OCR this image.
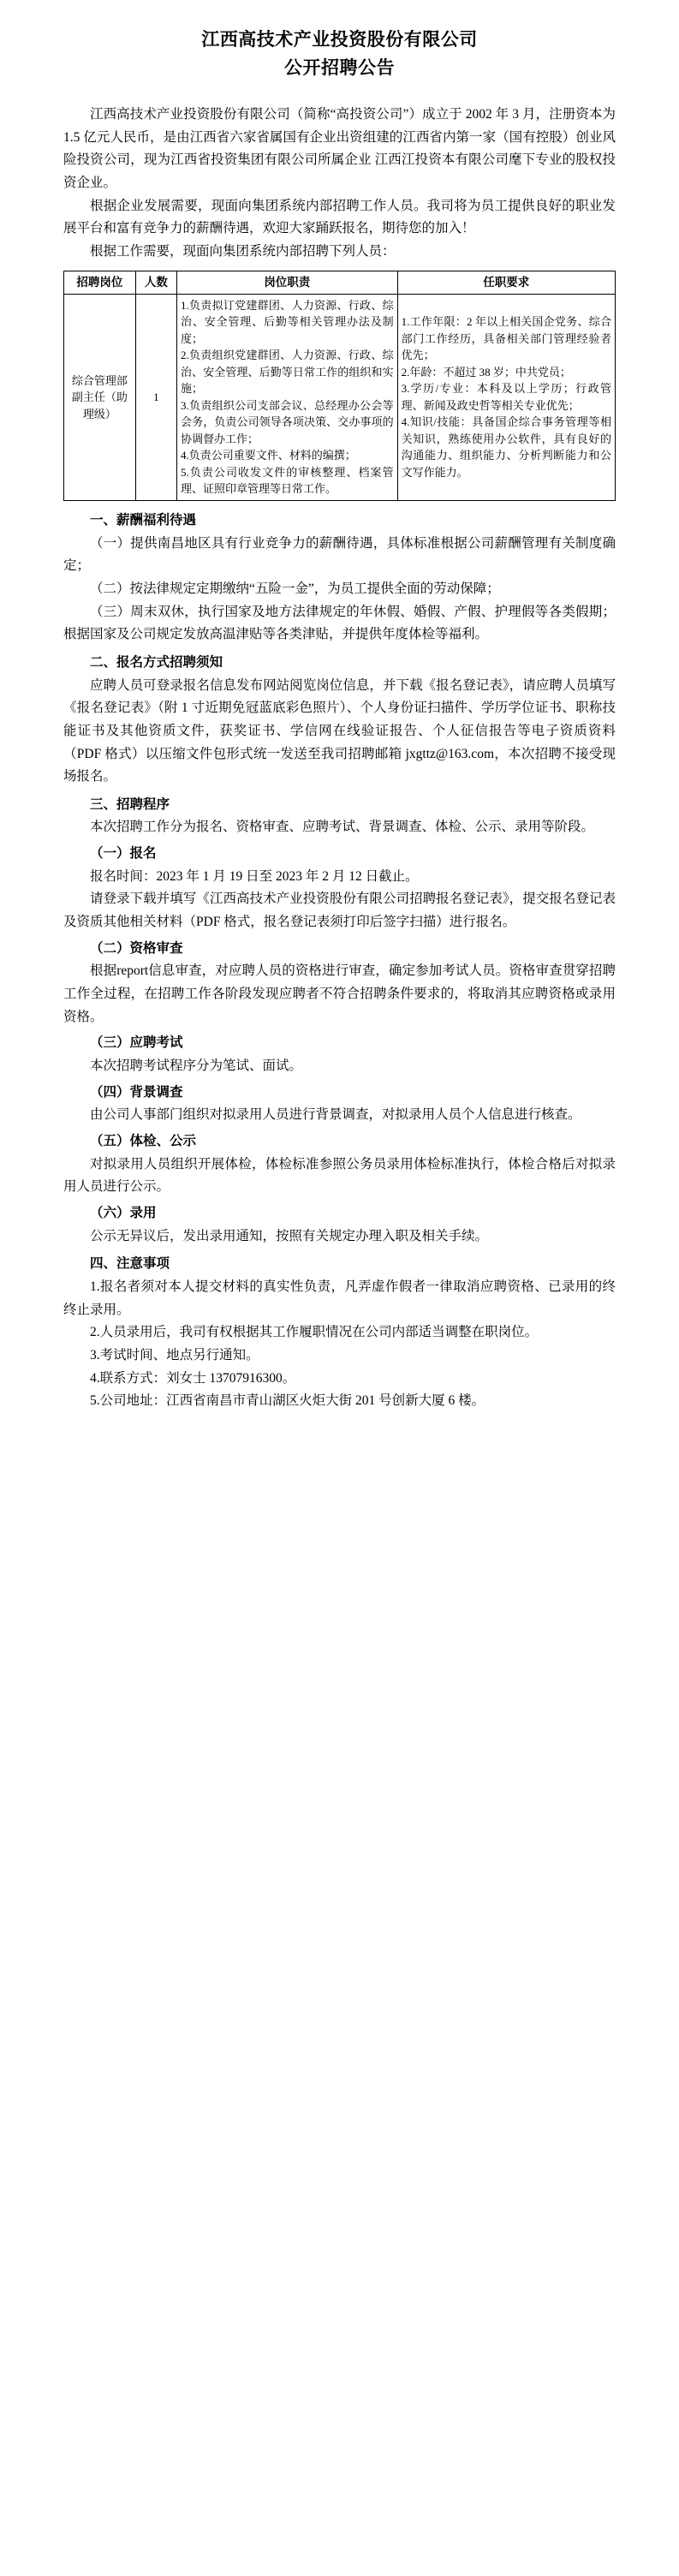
江西高技术产业投资股份有限公司
公开招聘公告

江西高技术产业投资股份有限公司（简称“高投资公司”）成立于 2002 年 3 月，注册资本为 1.5 亿元人民币，是由江西省六家省属国有企业出资组建的江西省内第一家（国有控股）创业风险投资公司，现为江西省投资集团有限公司所属企业 江西江投资本有限公司麾下专业的股权投资企业。

根据企业发展需要，现面向集团系统内部招聘工作人员。我司将为员工提供良好的职业发展平台和富有竞争力的薪酬待遇，欢迎大家踊跃报名，期待您的加入！

根据工作需要，现面向集团系统内部招聘下列人员：

招聘岗位	人数	岗位职责	任职要求
综合管理部副主任（助理级）	1	1.负责拟订党建群团、人力资源、行政、综治、安全管理、后勤等相关管理办法及制度；
2.负责组织党建群团、人力资源、行政、综治、安全管理、后勤等日常工作的组织和实施；
3.负责组织公司支部会议、总经理办公会等会务，负责公司领导各项决策、交办事项的协调督办工作；
4.负责公司重要文件、材料的编撰；
5.负责公司收发文件的审核整理、档案管理、证照印章管理等日常工作。	1.工作年限：2 年以上相关国企党务、综合部门工作经历，具备相关部门管理经验者优先；
2.年龄：不超过 38 岁；中共党员；
3.学历/专业：本科及以上学历；行政管理、新闻及政史哲等相关专业优先；
4.知识/技能：具备国企综合事务管理等相关知识，熟练使用办公软件，具有良好的沟通能力、组织能力、分析判断能力和公文写作能力。
一、薪酬福利待遇

（一）提供南昌地区具有行业竞争力的薪酬待遇，具体标准根据公司薪酬管理有关制度确定；

（二）按法律规定定期缴纳“五险一金”，为员工提供全面的劳动保障；

（三）周末双休，执行国家及地方法律规定的年休假、婚假、产假、护理假等各类假期；根据国家及公司规定发放高温津贴等各类津贴，并提供年度体检等福利。

二、报名方式招聘须知

应聘人员可登录报名信息发布网站阅览岗位信息，并下载《报名登记表》，请应聘人员填写《报名登记表》（附 1 寸近期免冠蓝底彩色照片）、个人身份证扫描件、学历学位证书、职称技能证书及其他资质文件，获奖证书、学信网在线验证报告、个人征信报告等电子资质资料（PDF 格式）以压缩文件包形式统一发送至我司招聘邮箱 jxgttz@163.com，本次招聘不接受现场报名。

三、招聘程序

本次招聘工作分为报名、资格审查、应聘考试、背景调查、体检、公示、录用等阶段。

（一）报名

报名时间：2023 年 1 月 19 日至 2023 年 2 月 12 日截止。

请登录下载并填写《江西高技术产业投资股份有限公司招聘报名登记表》，提交报名登记表及资质其他相关材料（PDF 格式，报名登记表须打印后签字扫描）进行报名。

（二）资格审查

根据report信息审查，对应聘人员的资格进行审查，确定参加考试人员。资格审查贯穿招聘工作全过程，在招聘工作各阶段发现应聘者不符合招聘条件要求的，将取消其应聘资格或录用资格。

（三）应聘考试

本次招聘考试程序分为笔试、面试。

（四）背景调查

由公司人事部门组织对拟录用人员进行背景调查，对拟录用人员个人信息进行核查。

（五）体检、公示

对拟录用人员组织开展体检，体检标准参照公务员录用体检标准执行，体检合格后对拟录用人员进行公示。

（六）录用

公示无异议后，发出录用通知，按照有关规定办理入职及相关手续。

四、注意事项

1.报名者须对本人提交材料的真实性负责，凡弄虚作假者一律取消应聘资格、已录用的终终止录用。

2.人员录用后，我司有权根据其工作履职情况在公司内部适当调整在职岗位。

3.考试时间、地点另行通知。

4.联系方式：刘女士 13707916300。

5.公司地址：江西省南昌市青山湖区火炬大街 201 号创新大厦 6 楼。
